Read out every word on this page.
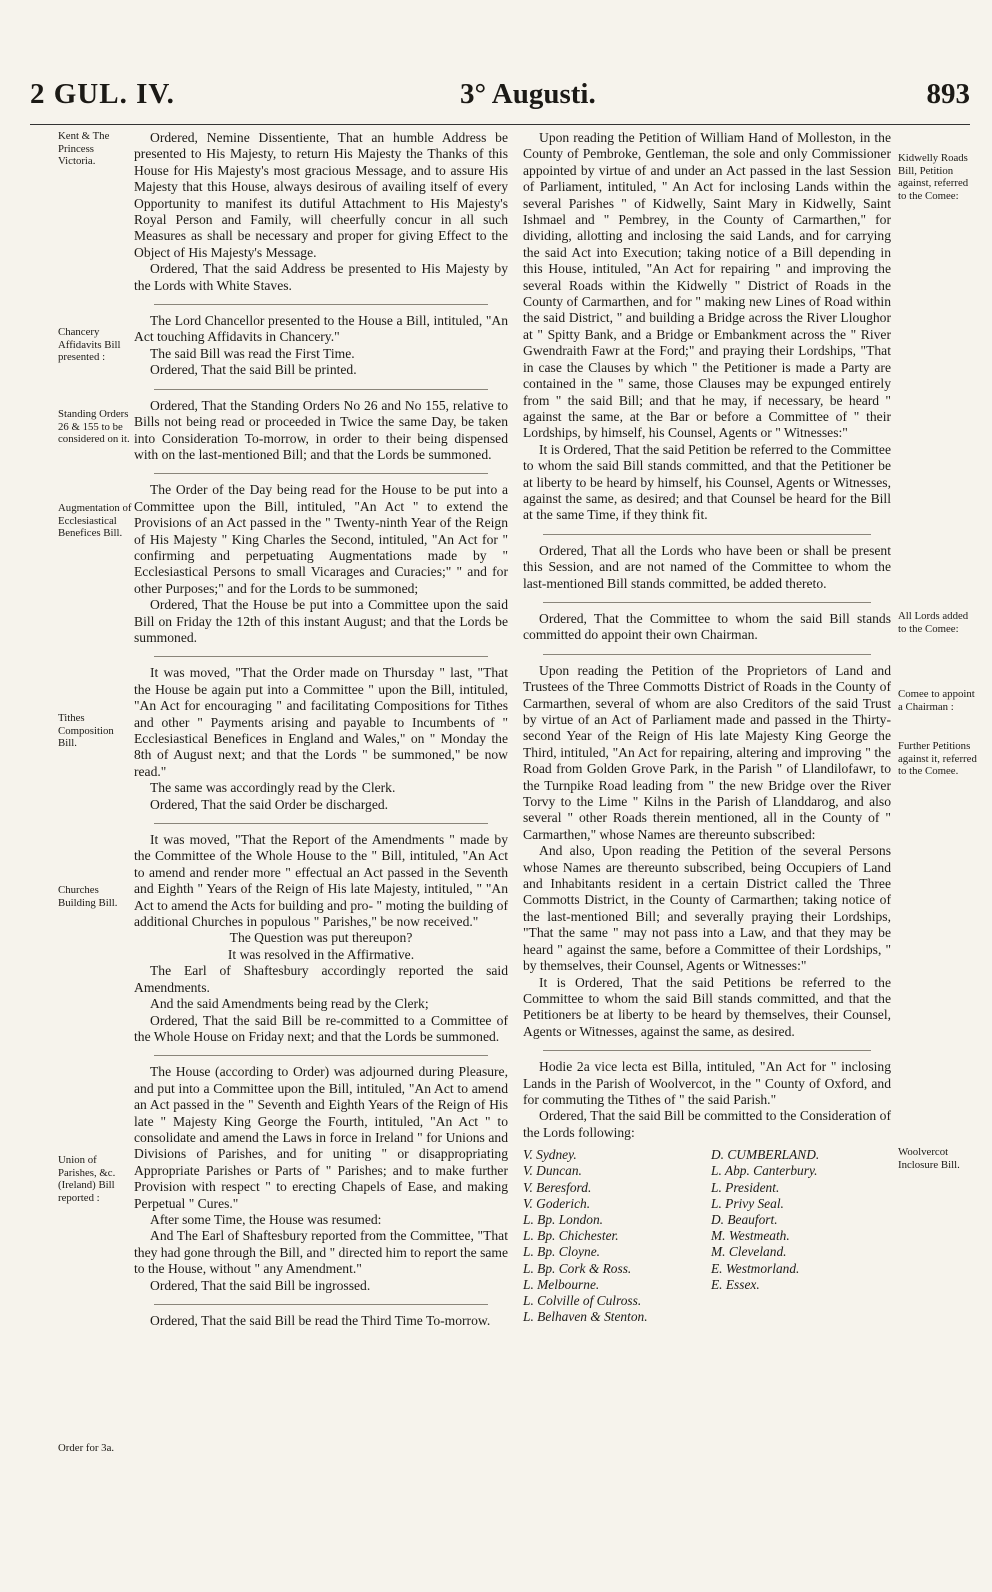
2 GUL. IV.	3° Augusti.	893
Kent & The Princess Victoria.
Chancery Affidavits Bill presented :
Standing Orders 26 & 155 to be considered on it.
Augmentation of Ecclesiastical Benefices Bill.
Tithes Composition Bill.
Churches Building Bill.
Union of Parishes, &c. (Ireland) Bill reported :
Order for 3a.

Ordered, Nemine Dissentiente, That an humble Address be presented to His Majesty, to return His Majesty the Thanks of this House for His Majesty's most gracious Message, and to assure His Majesty that this House, always desirous of availing itself of every Opportunity to manifest its dutiful Attachment to His Majesty's Royal Person and Family, will cheerfully concur in all such Measures as shall be necessary and proper for giving Effect to the Object of His Majesty's Message.

Ordered, That the said Address be presented to His Majesty by the Lords with White Staves.

The Lord Chancellor presented to the House a Bill, intituled, "An Act touching Affidavits in Chancery."

The said Bill was read the First Time.

Ordered, That the said Bill be printed.

Ordered, That the Standing Orders No 26 and No 155, relative to Bills not being read or proceeded in Twice the same Day, be taken into Consideration To-morrow, in order to their being dispensed with on the last-mentioned Bill; and that the Lords be summoned.

The Order of the Day being read for the House to be put into a Committee upon the Bill, intituled, "An Act " to extend the Provisions of an Act passed in the " Twenty-ninth Year of the Reign of His Majesty " King Charles the Second, intituled, "An Act for " confirming and perpetuating Augmentations made by " Ecclesiastical Persons to small Vicarages and Curacies;" " and for other Purposes;" and for the Lords to be summoned;

Ordered, That the House be put into a Committee upon the said Bill on Friday the 12th of this instant August; and that the Lords be summoned.

It was moved, "That the Order made on Thursday " last, "That the House be again put into a Committee " upon the Bill, intituled, "An Act for encouraging " and facilitating Compositions for Tithes and other " Payments arising and payable to Incumbents of " Ecclesiastical Benefices in England and Wales," on " Monday the 8th of August next; and that the Lords " be summoned," be now read."

The same was accordingly read by the Clerk.

Ordered, That the said Order be discharged.

It was moved, "That the Report of the Amendments " made by the Committee of the Whole House to the " Bill, intituled, "An Act to amend and render more " effectual an Act passed in the Seventh and Eighth " Years of the Reign of His late Majesty, intituled, " "An Act to amend the Acts for building and pro- " moting the building of additional Churches in populous " Parishes," be now received."

The Question was put thereupon?

It was resolved in the Affirmative.

The Earl of Shaftesbury accordingly reported the said Amendments.

And the said Amendments being read by the Clerk;

Ordered, That the said Bill be re-committed to a Committee of the Whole House on Friday next; and that the Lords be summoned.

The House (according to Order) was adjourned during Pleasure, and put into a Committee upon the Bill, intituled, "An Act to amend an Act passed in the " Seventh and Eighth Years of the Reign of His late " Majesty King George the Fourth, intituled, "An Act " to consolidate and amend the Laws in force in Ireland " for Unions and Divisions of Parishes, and for uniting " or disappropriating Appropriate Parishes or Parts of " Parishes; and to make further Provision with respect " to erecting Chapels of Ease, and making Perpetual " Cures."

After some Time, the House was resumed:

And The Earl of Shaftesbury reported from the Committee, "That they had gone through the Bill, and " directed him to report the same to the House, without " any Amendment."

Ordered, That the said Bill be ingrossed.

Ordered, That the said Bill be read the Third Time To-morrow.

Upon reading the Petition of William Hand of Molleston, in the County of Pembroke, Gentleman, the sole and only Commissioner appointed by virtue of and under an Act passed in the last Session of Parliament, intituled, " An Act for inclosing Lands within the several Parishes " of Kidwelly, Saint Mary in Kidwelly, Saint Ishmael and " Pembrey, in the County of Carmarthen," for dividing, allotting and inclosing the said Lands, and for carrying the said Act into Execution; taking notice of a Bill depending in this House, intituled, "An Act for repairing " and improving the several Roads within the Kidwelly " District of Roads in the County of Carmarthen, and for " making new Lines of Road within the said District, " and building a Bridge across the River Lloughor at " Spitty Bank, and a Bridge or Embankment across the " River Gwendraith Fawr at the Ford;" and praying their Lordships, "That in case the Clauses by which " the Petitioner is made a Party are contained in the " same, those Clauses may be expunged entirely from " the said Bill; and that he may, if necessary, be heard " against the same, at the Bar or before a Committee of " their Lordships, by himself, his Counsel, Agents or " Witnesses:"

It is Ordered, That the said Petition be referred to the Committee to whom the said Bill stands committed, and that the Petitioner be at liberty to be heard by himself, his Counsel, Agents or Witnesses, against the same, as desired; and that Counsel be heard for the Bill at the same Time, if they think fit.

Ordered, That all the Lords who have been or shall be present this Session, and are not named of the Committee to whom the last-mentioned Bill stands committed, be added thereto.

Ordered, That the Committee to whom the said Bill stands committed do appoint their own Chairman.

Upon reading the Petition of the Proprietors of Land and Trustees of the Three Commotts District of Roads in the County of Carmarthen, several of whom are also Creditors of the said Trust by virtue of an Act of Parliament made and passed in the Thirty-second Year of the Reign of His late Majesty King George the Third, intituled, "An Act for repairing, altering and improving " the Road from Golden Grove Park, in the Parish " of Llandilofawr, to the Turnpike Road leading from " the new Bridge over the River Torvy to the Lime " Kilns in the Parish of Llanddarog, and also several " other Roads therein mentioned, all in the County of " Carmarthen," whose Names are thereunto subscribed:

And also, Upon reading the Petition of the several Persons whose Names are thereunto subscribed, being Occupiers of Land and Inhabitants resident in a certain District called the Three Commotts District, in the County of Carmarthen; taking notice of the last-mentioned Bill; and severally praying their Lordships, "That the same " may not pass into a Law, and that they may be heard " against the same, before a Committee of their Lordships, " by themselves, their Counsel, Agents or Witnesses:"

It is Ordered, That the said Petitions be referred to the Committee to whom the said Bill stands committed, and that the Petitioners be at liberty to be heard by themselves, their Counsel, Agents or Witnesses, against the same, as desired.

Hodie 2a vice lecta est Billa, intituled, "An Act for " inclosing Lands in the Parish of Woolvercot, in the " County of Oxford, and for commuting the Tithes of " the said Parish."

Ordered, That the said Bill be committed to the Consideration of the Lords following:

V. Sydney.
V. Duncan.
V. Beresford.
V. Goderich.
L. Bp. London.
L. Bp. Chichester.
L. Bp. Cloyne.
L. Bp. Cork & Ross.
L. Melbourne.
L. Colville of Culross.
L. Belhaven & Stenton.
D. CUMBERLAND.
L. Abp. Canterbury.
L. President.
L. Privy Seal.
D. Beaufort.
M. Westmeath.
M. Cleveland.
E. Westmorland.
E. Essex.
Kidwelly Roads Bill, Petition against, referred to the Comee:
All Lords added to the Comee:
Comee to appoint a Chairman :
Further Petitions against it, referred to the Comee.
Woolvercot Inclosure Bill.
